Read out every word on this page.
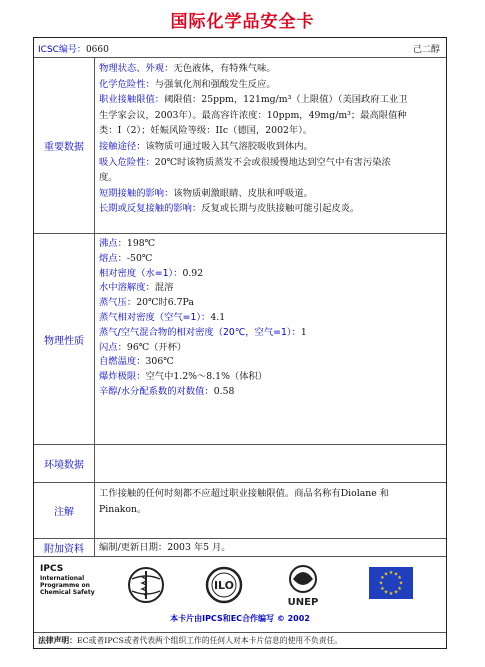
国际化学品安全卡
ICSC编号：0660	己二醇
重要数据
物理状态、外观：无色液体，有特殊气味。
化学危险性：与强氧化剂和强酸发生反应。
职业接触限值：阈限值：25ppm，121mg/m³（上限值）（美国政府工业卫
生学家会议，2003年）。最高容许浓度：10ppm，49mg/m³；最高限值种
类：I（2）；妊娠风险等级：IIc（德国，2002年）。
接触途径：该物质可通过吸入其气溶胶吸收到体内。
吸入危险性：20℃时该物质蒸发不会或很缓慢地达到空气中有害污染浓
度。
短期接触的影响：该物质刺激眼睛、皮肤和呼吸道。
长期或反复接触的影响：反复或长期与皮肤接触可能引起皮炎。
物理性质
沸点：198℃
熔点：-50℃
相对密度（水=1）：0.92
水中溶解度：混溶
蒸气压：20℃时6.7Pa
蒸气相对密度（空气=1）：4.1
蒸气/空气混合物的相对密度（20℃，空气=1）：1
闪点：96℃（开杯）
自燃温度：306℃
爆炸极限：空气中1.2%～8.1%（体积）
辛醇/水分配系数的对数值：0.58
环境数据
注解
工作接触的任何时刻都不应超过职业接触限值。商品名称有Diolane 和
Pinakon。
附加资料	编制/更新日期：2003 年5 月。
IPCS
International
Programme on
Chemical Safety
ILO
UNEP
★ ★
★
★
★
★
★
★
★
★
★
★
本卡片由IPCS和EC合作编写 © 2002
法律声明：EC或者IPCS或者代表两个组织工作的任何人对本卡片信息的使用不负责任。
